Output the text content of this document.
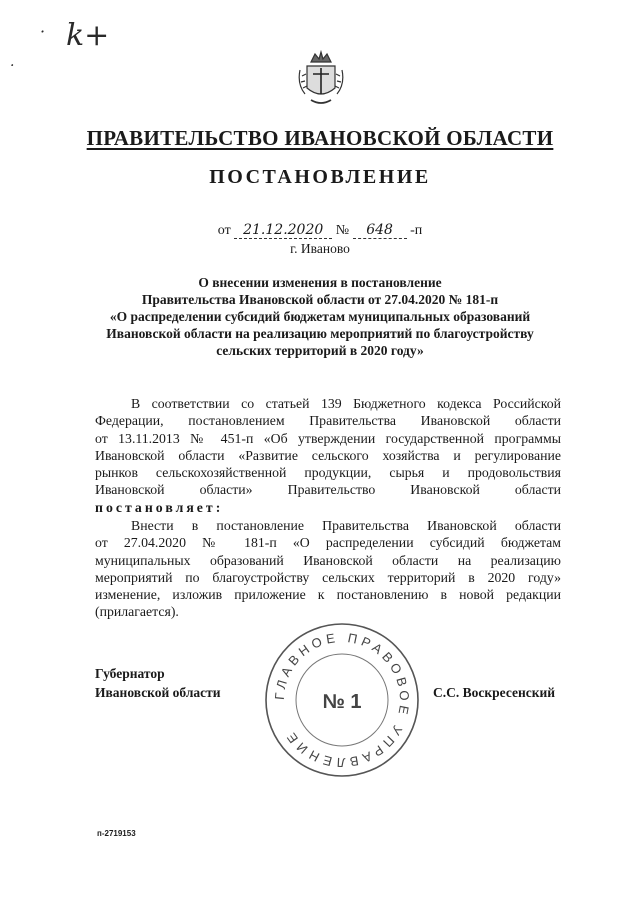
· k+
·
ПРАВИТЕЛЬСТВО ИВАНОВСКОЙ ОБЛАСТИ
ПОСТАНОВЛЕНИЕ
от 21.12.2020 № 648 -п
г. Иваново
О внесении изменения в постановление
Правительства Ивановской области от 27.04.2020 № 181-п
«О распределении субсидий бюджетам муниципальных образований
Ивановской области на реализацию мероприятий по благоустройству
сельских территорий в 2020 году»
В соответствии со статьей 139 Бюджетного кодекса Российской
Федерации, постановлением Правительства Ивановской области
от 13.11.2013 № 451-п «Об утверждении государственной программы
Ивановской области «Развитие сельского хозяйства и регулирование
рынков сельскохозяйственной продукции, сырья и продовольствия
Ивановской области» Правительство Ивановской области
постановляет:
Внести в постановление Правительства Ивановской области
от 27.04.2020 № 181-п «О распределении субсидий бюджетам
муниципальных образований Ивановской области на реализацию
мероприятий по благоустройству сельских территорий в 2020 году»
изменение, изложив приложение к постановлению в новой редакции
(прилагается).
ГЛАВНОЕ ПРАВОВОЕ УПРАВЛЕНИЕ
№ 1
Губернатор
Ивановской области	С.С. Воскресенский
п-2719153
